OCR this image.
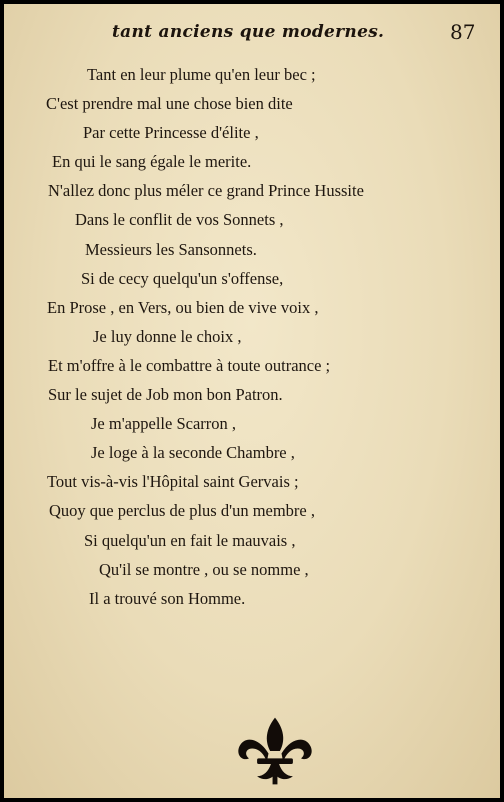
tant anciens que modernes.	87
Tant en leur plume qu'en leur bec ;
C'est prendre mal une chose bien dite
Par cette Princesse d'élite ,
En qui le sang égale le merite.
N'allez donc plus méler ce grand Prince Hussite
Dans le conflit de vos Sonnets ,
Messieurs les Sansonnets.
Si de cecy quelqu'un s'offense,
En Prose , en Vers, ou bien de vive voix ,
Je luy donne le choix ,
Et m'offre à le combattre à toute outrance ;
Sur le sujet de Job mon bon Patron.
Je m'appelle Scarron ,
Je loge à la seconde Chambre ,
Tout vis-à-vis l'Hôpital saint Gervais ;
Quoy que perclus de plus d'un membre ,
Si quelqu'un en fait le mauvais ,
Qu'il se montre , ou se nomme ,
Il a trouvé son Homme.
